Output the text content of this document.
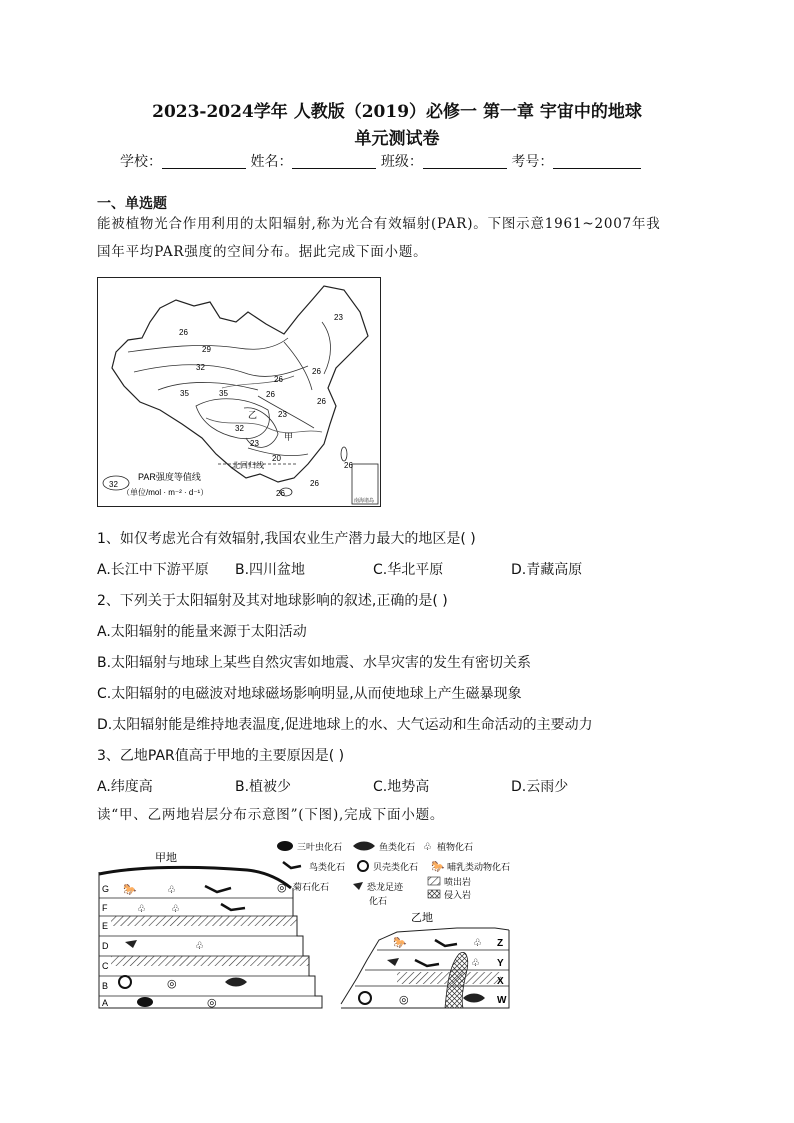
2023-2024学年 人教版（2019）必修一 第一章 宇宙中的地球
单元测试卷
学校：	姓名：	班级：	考号：
一、单选题
能被植物光合作用利用的太阳辐射,称为光合有效辐射(PAR)。下图示意1961~2007年我
国年平均PAR强度的空间分布。据此完成下面小题。
南海诸岛
26
23
29
32
35	35
32
26
26
23
26
26
23
20
26
26
26
甲
乙
北回归线
32
PAR强度等值线
（单位/mol · m⁻² · d⁻¹）
1、如仅考虑光合有效辐射,我国农业生产潜力最大的地区是( )
A.长江中下游平原 B.四川盆地	C.华北平原	D.青藏高原
2、下列关于太阳辐射及其对地球影响的叙述,正确的是( )
A.太阳辐射的能量来源于太阳活动
B.太阳辐射与地球上某些自然灾害如地震、水旱灾害的发生有密切关系
C.太阳辐射的电磁波对地球磁场影响明显,从而使地球上产生磁暴现象
D.太阳辐射能是维持地表温度,促进地球上的水、大气运动和生命活动的主要动力
3、乙地PAR值高于甲地的主要原因是( )
A.纬度高	B.植被少	C.地势高	D.云雨少
读“甲、乙两地岩层分布示意图”(下图),完成下面小题。
甲地
G
F
E
D
C
B
A
🐎	♧
♧	♧
♧
◎
◎
三叶虫化石	鱼类化石 ♧ 植物化石
鸟类化石	贝壳类化石 🐎 哺乳类动物化石
◎ 菊石化石	恐龙足迹
化石
喷出岩
侵入岩
乙地
Z
Y
X
W
🐎	♧
♧
◎
